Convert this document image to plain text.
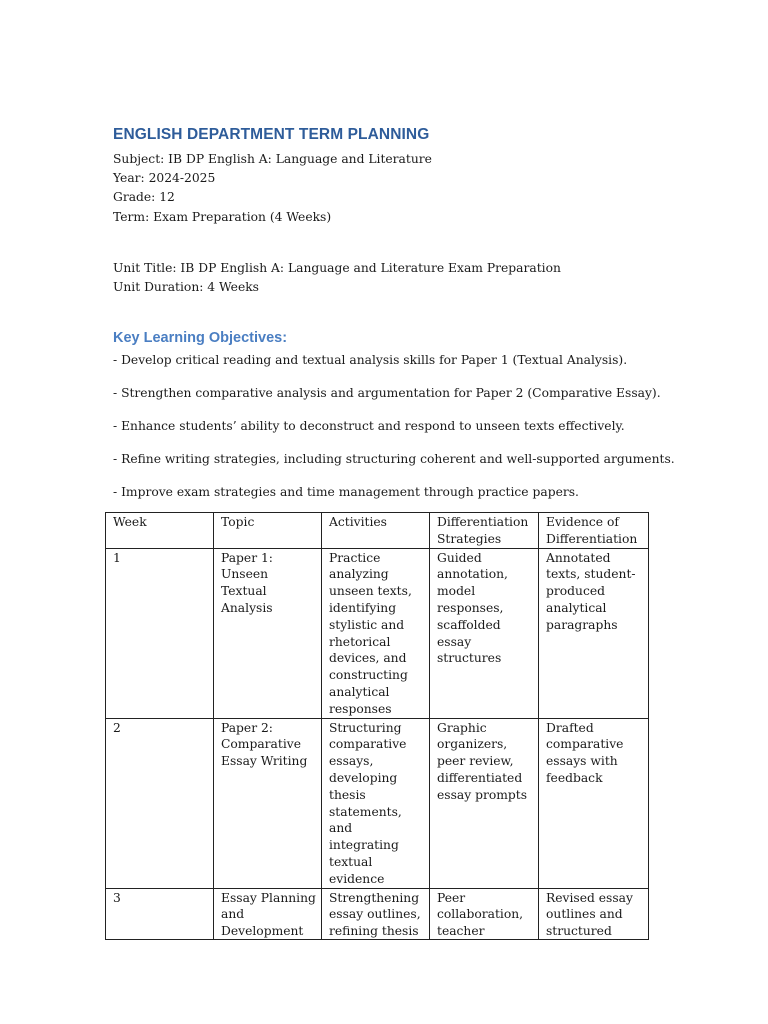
ENGLISH DEPARTMENT TERM PLANNING
Subject: IB DP English A: Language and Literature
Year: 2024-2025
Grade: 12
Term: Exam Preparation (4 Weeks)
Unit Title: IB DP English A: Language and Literature Exam Preparation
Unit Duration: 4 Weeks
Key Learning Objectives:
- Develop critical reading and textual analysis skills for Paper 1 (Textual Analysis).
- Strengthen comparative analysis and argumentation for Paper 2 (Comparative Essay).
- Enhance students’ ability to deconstruct and respond to unseen texts effectively.
- Refine writing strategies, including structuring coherent and well-supported arguments.
- Improve exam strategies and time management through practice papers.
Week	Topic	Activities	Differentiation Strategies	Evidence of Differentiation
1	Paper 1: Unseen Textual Analysis	Practice analyzing unseen texts, identifying stylistic and rhetorical devices, and constructing analytical responses	Guided annotation, model responses, scaffolded essay structures	Annotated texts, student-produced analytical paragraphs
2	Paper 2: Comparative Essay Writing	Structuring comparative essays, developing thesis statements, and integrating textual evidence	Graphic organizers, peer review, differentiated essay prompts	Drafted comparative essays with feedback

3	Essay Planning and Development	Strengthening essay outlines, refining thesis	Peer collaboration, teacher	Revised essay outlines and structured
